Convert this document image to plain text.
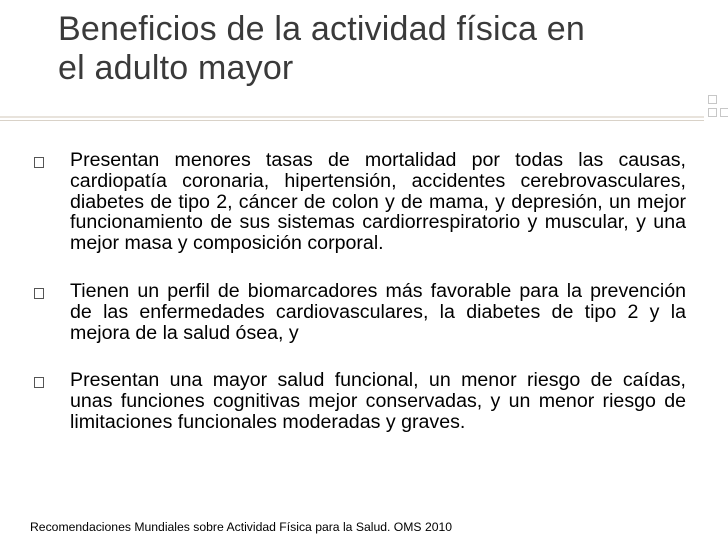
Beneficios de la actividad física en
el adulto mayor
Presentan menores tasas de mortalidad por todas las causas, cardiopatía coronaria, hipertensión, accidentes cerebrovasculares, diabetes de tipo 2, cáncer de colon y de mama, y depresión, un mejor funcionamiento de sus sistemas cardiorrespiratorio y muscular, y una mejor masa y composición corporal.
Tienen un perfil de biomarcadores más favorable para la prevención de las enfermedades cardiovasculares, la diabetes de tipo 2 y la mejora de la salud ósea, y
Presentan una mayor salud funcional, un menor riesgo de caídas, unas funciones cognitivas mejor conservadas, y un menor riesgo de limitaciones funcionales moderadas y graves.
Recomendaciones Mundiales sobre Actividad Física para la Salud. OMS 2010
